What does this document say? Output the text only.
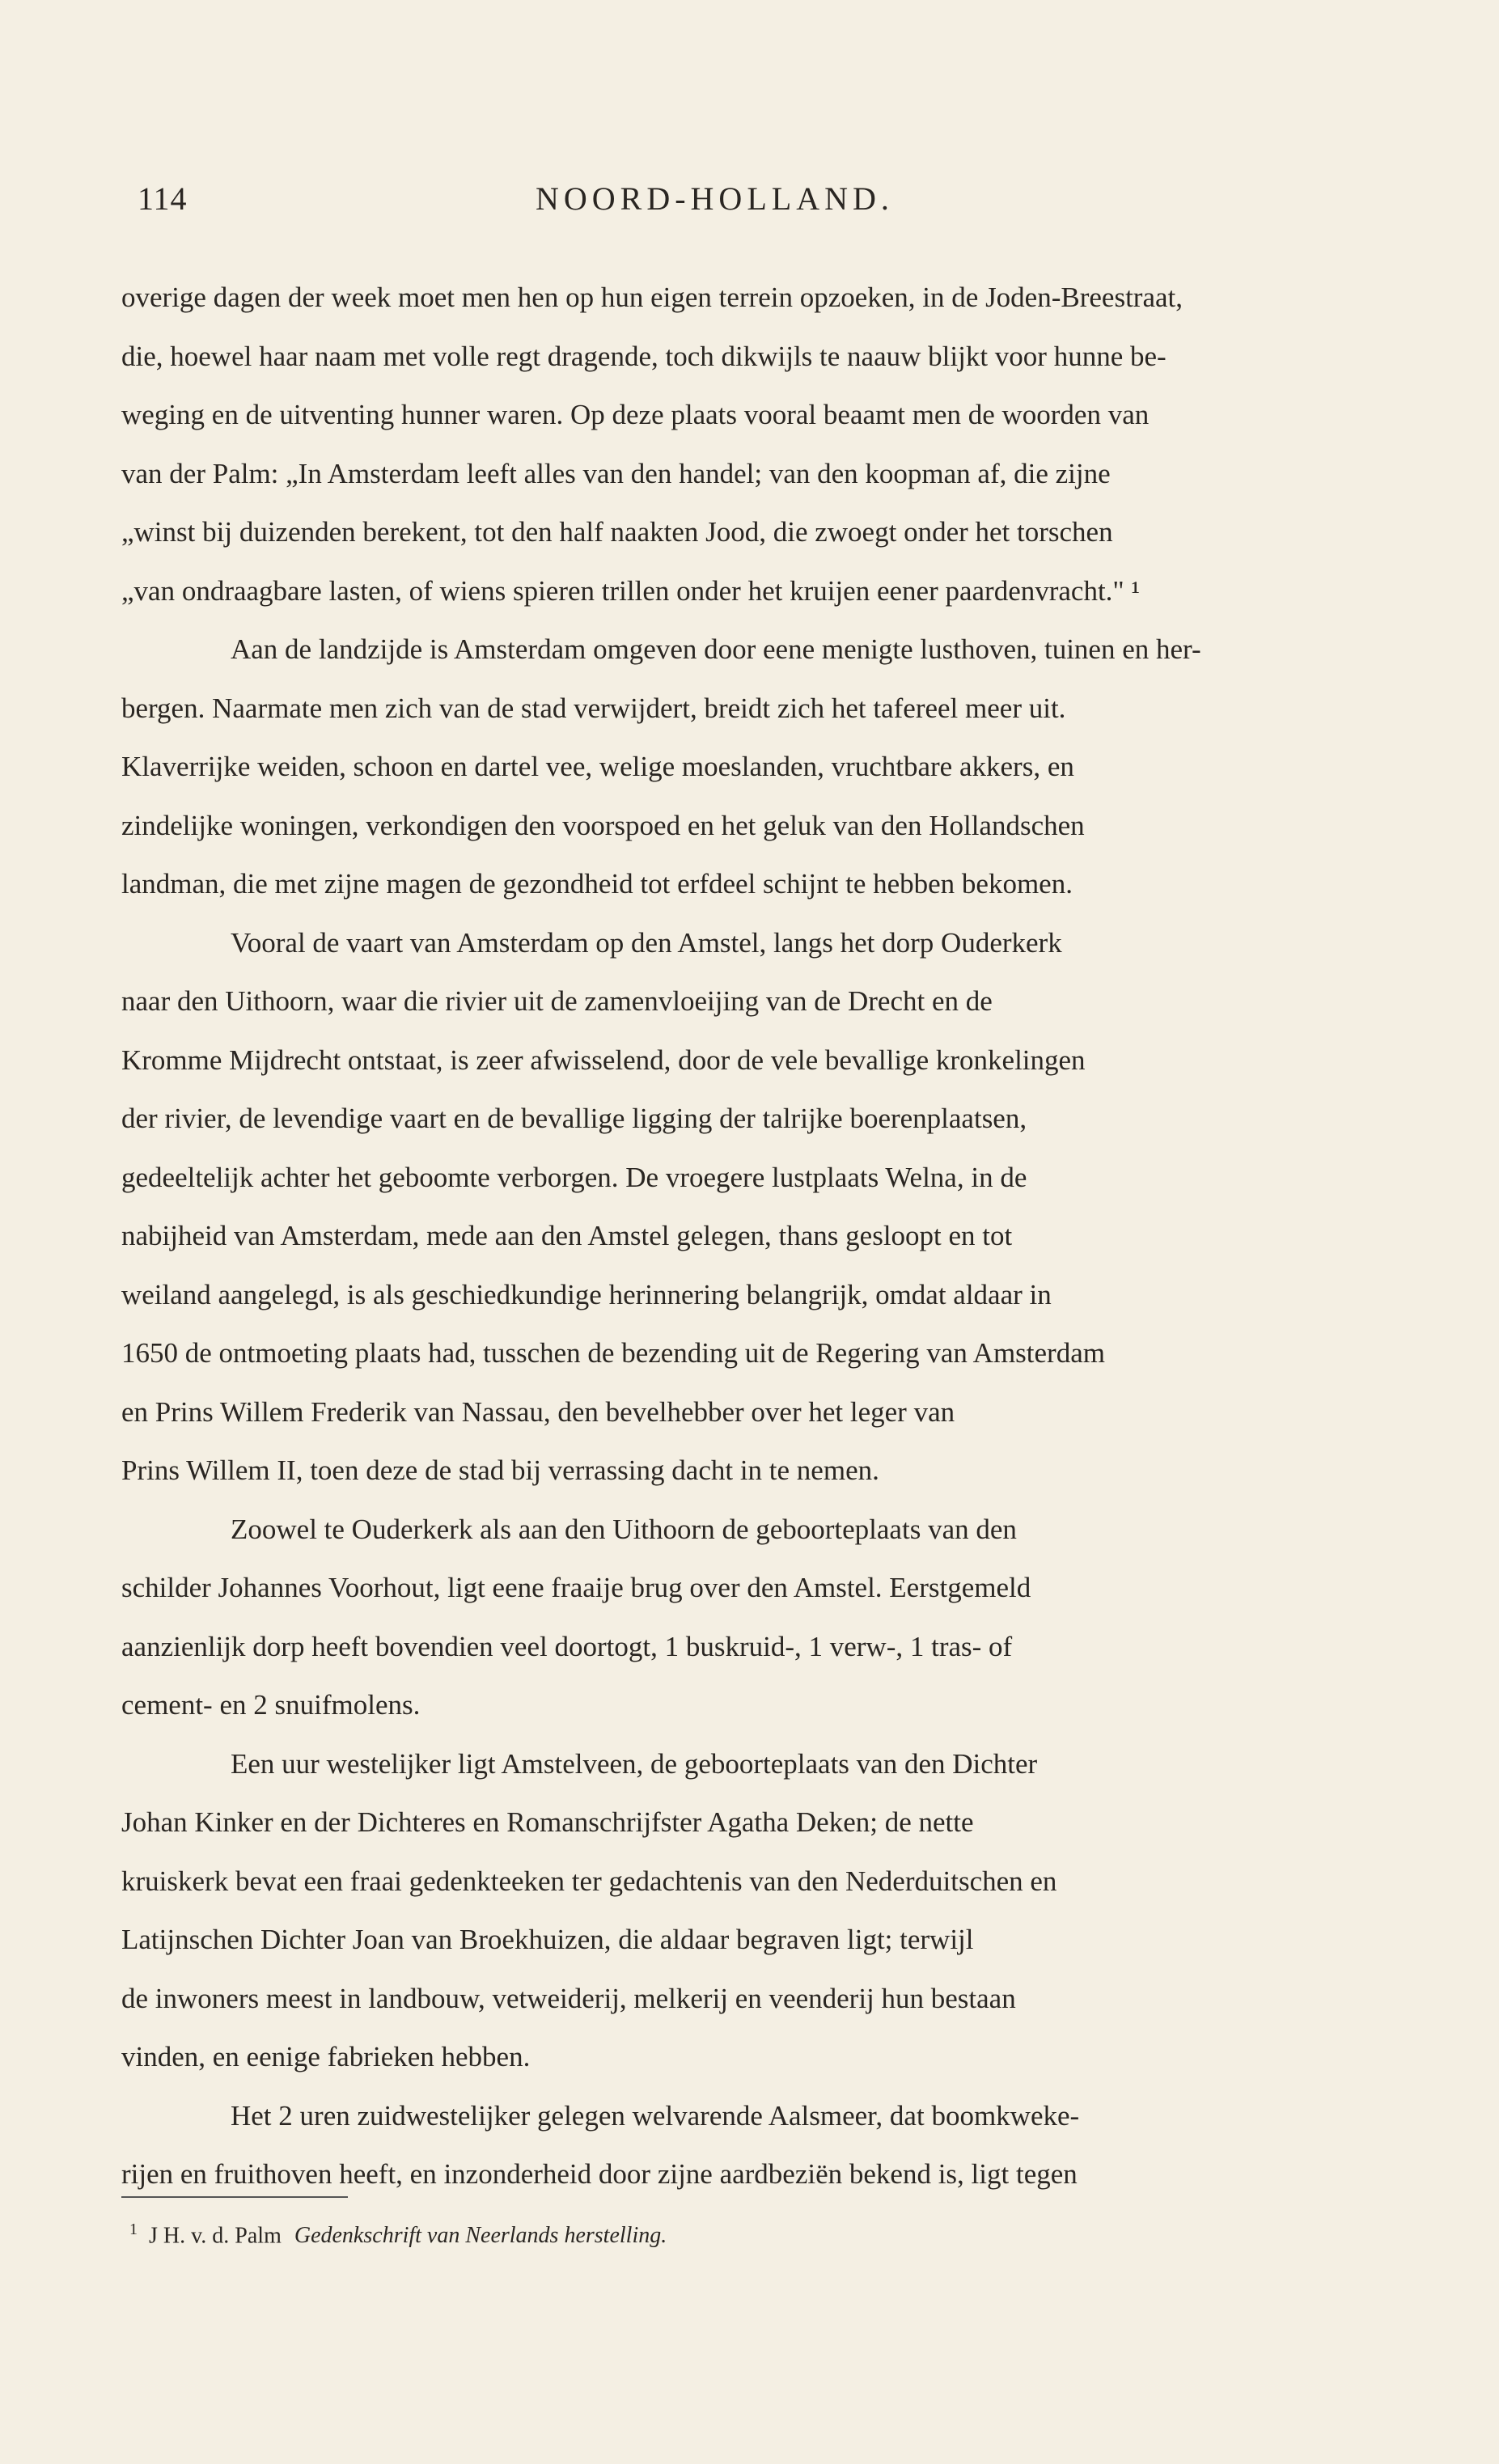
114	NOORD-HOLLAND.
overige dagen der week moet men hen op hun eigen terrein opzoeken, in de Joden-Breestraat,
die, hoewel haar naam met volle regt dragende, toch dikwijls te naauw blijkt voor hunne be-
weging en de uitventing hunner waren. Op deze plaats vooral beaamt men de woorden van
van der Palm: „In Amsterdam leeft alles van den handel; van den koopman af, die zijne
„winst bij duizenden berekent, tot den half naakten Jood, die zwoegt onder het torschen
„van ondraagbare lasten, of wiens spieren trillen onder het kruijen eener paardenvracht." ¹
Aan de landzijde is Amsterdam omgeven door eene menigte lusthoven, tuinen en her-
bergen. Naarmate men zich van de stad verwijdert, breidt zich het tafereel meer uit.
Klaverrijke weiden, schoon en dartel vee, welige moeslanden, vruchtbare akkers, en
zindelijke woningen, verkondigen den voorspoed en het geluk van den Hollandschen
landman, die met zijne magen de gezondheid tot erfdeel schijnt te hebben bekomen.
Vooral de vaart van Amsterdam op den Amstel, langs het dorp Ouderkerk
naar den Uithoorn, waar die rivier uit de zamenvloeijing van de Drecht en de
Kromme Mijdrecht ontstaat, is zeer afwisselend, door de vele bevallige kronkelingen
der rivier, de levendige vaart en de bevallige ligging der talrijke boerenplaatsen,
gedeeltelijk achter het geboomte verborgen. De vroegere lustplaats Welna, in de
nabijheid van Amsterdam, mede aan den Amstel gelegen, thans gesloopt en tot
weiland aangelegd, is als geschiedkundige herinnering belangrijk, omdat aldaar in
1650 de ontmoeting plaats had, tusschen de bezending uit de Regering van Amsterdam
en Prins Willem Frederik van Nassau, den bevelhebber over het leger van
Prins Willem II, toen deze de stad bij verrassing dacht in te nemen.
Zoowel te Ouderkerk als aan den Uithoorn de geboorteplaats van den
schilder Johannes Voorhout, ligt eene fraaije brug over den Amstel. Eerstgemeld
aanzienlijk dorp heeft bovendien veel doortogt, 1 buskruid-, 1 verw-, 1 tras- of
cement- en 2 snuifmolens.
Een uur westelijker ligt Amstelveen, de geboorteplaats van den Dichter
Johan Kinker en der Dichteres en Romanschrijfster Agatha Deken; de nette
kruiskerk bevat een fraai gedenkteeken ter gedachtenis van den Nederduitschen en
Latijnschen Dichter Joan van Broekhuizen, die aldaar begraven ligt; terwijl
de inwoners meest in landbouw, vetweiderij, melkerij en veenderij hun bestaan
vinden, en eenige fabrieken hebben.
Het 2 uren zuidwestelijker gelegen welvarende Aalsmeer, dat boomkweke-
rijen en fruithoven heeft, en inzonderheid door zijne aardbeziën bekend is, ligt tegen
$^1$ J H. v. d. Palm Gedenkschrift van Neerlands herstelling.
